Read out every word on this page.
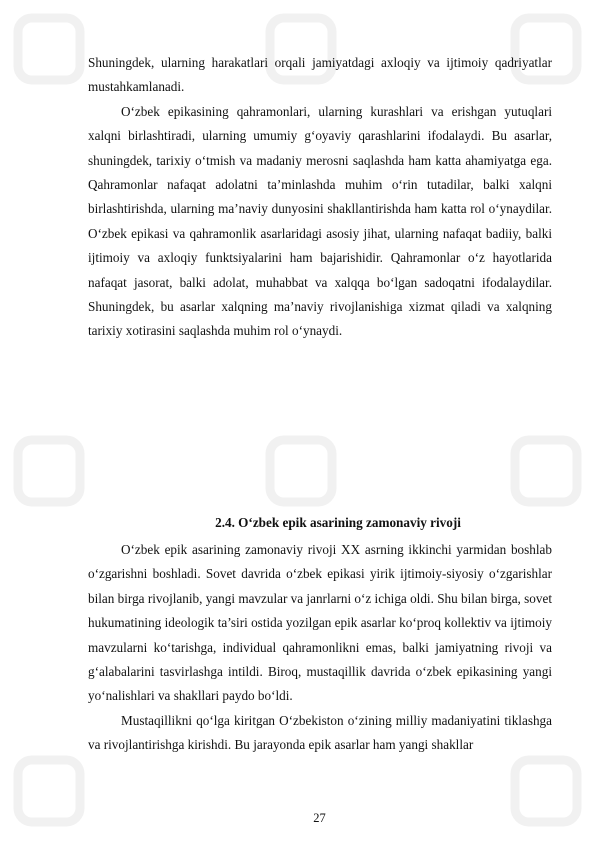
Shuningdek, ularning harakatlari orqali jamiyatdagi axloqiy va ijtimoiy qadriyatlar mustahkamlanadi.

O‘zbek epikasining qahramonlari, ularning kurashlari va erishgan yutuqlari xalqni birlashtiradi, ularning umumiy g‘oyaviy qarashlarini ifodalaydi. Bu asarlar, shuningdek, tarixiy o‘tmish va madaniy merosni saqlashda ham katta ahamiyatga ega. Qahramonlar nafaqat adolatni ta’minlashda muhim o‘rin tutadilar, balki xalqni birlashtirishda, ularning ma’naviy dunyosini shakllantirishda ham katta rol o‘ynaydilar. O‘zbek epikasi va qahramonlik asarlaridagi asosiy jihat, ularning nafaqat badiiy, balki ijtimoiy va axloqiy funktsiyalarini ham bajarishidir. Qahramonlar o‘z hayotlarida nafaqat jasorat, balki adolat, muhabbat va xalqqa bo‘lgan sadoqatni ifodalaydilar. Shuningdek, bu asarlar xalqning ma’naviy rivojlanishiga xizmat qiladi va xalqning tarixiy xotirasini saqlashda muhim rol o‘ynaydi.

2.4. O‘zbek epik asarining zamonaviy rivoji

O‘zbek epik asarining zamonaviy rivoji XX asrning ikkinchi yarmidan boshlab o‘zgarishni boshladi. Sovet davrida o‘zbek epikasi yirik ijtimoiy-siyosiy o‘zgarishlar bilan birga rivojlanib, yangi mavzular va janrlarni o‘z ichiga oldi. Shu bilan birga, sovet hukumatining ideologik ta’siri ostida yozilgan epik asarlar ko‘proq kollektiv va ijtimoiy mavzularni ko‘tarishga, individual qahramonlikni emas, balki jamiyatning rivoji va g‘alabalarini tasvirlashga intildi. Biroq, mustaqillik davrida o‘zbek epikasining yangi yo‘nalishlari va shakllari paydo bo‘ldi.

Mustaqillikni qo‘lga kiritgan O‘zbekiston o‘zining milliy madaniyatini tiklashga va rivojlantirishga kirishdi. Bu jarayonda epik asarlar ham yangi shakllar

27
